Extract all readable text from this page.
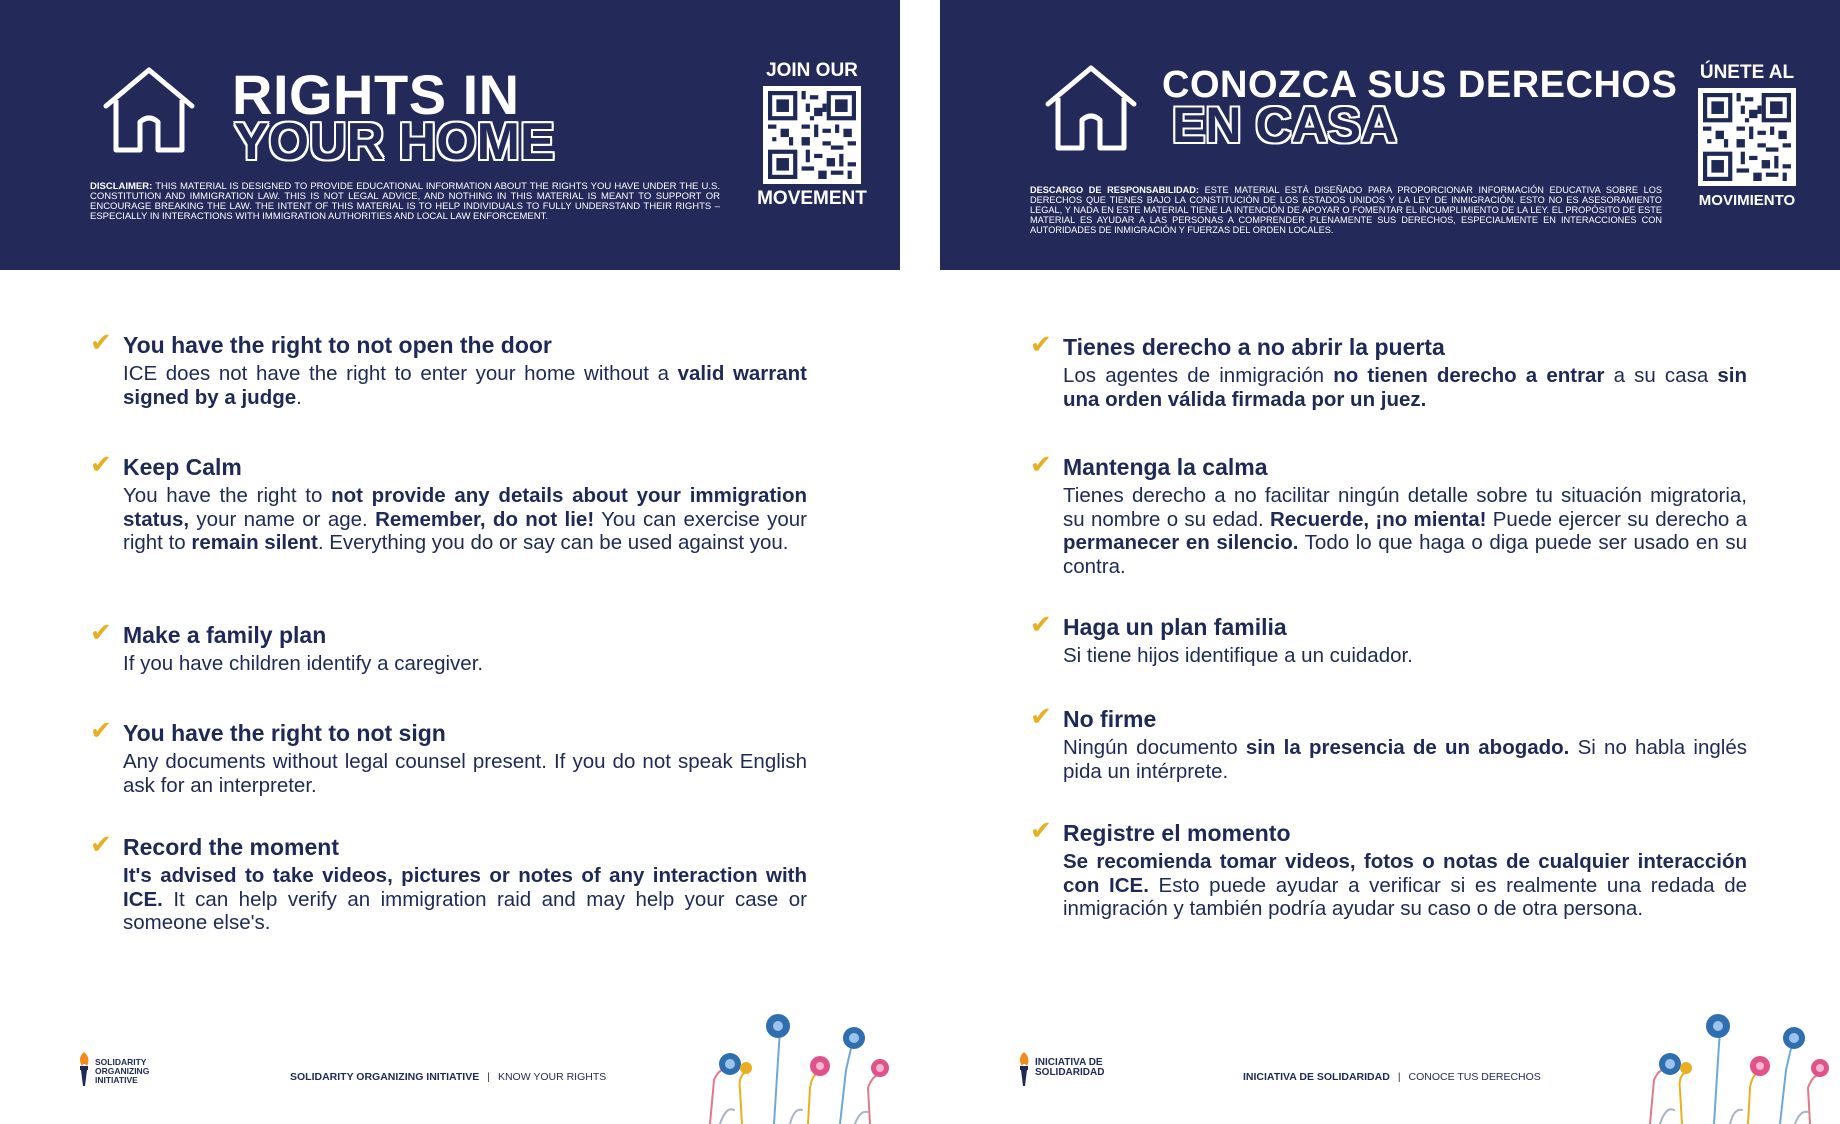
RIGHTS IN
YOUR HOME
JOIN OUR
MOVEMENT
DISCLAIMER: THIS MATERIAL IS DESIGNED TO PROVIDE EDUCATIONAL INFORMATION ABOUT THE RIGHTS YOU HAVE UNDER THE U.S. CONSTITUTION AND IMMIGRATION LAW. THIS IS NOT LEGAL ADVICE, AND NOTHING IN THIS MATERIAL IS MEANT TO SUPPORT OR ENCOURAGE BREAKING THE LAW. THE INTENT OF THIS MATERIAL IS TO HELP INDIVIDUALS TO FULLY UNDERSTAND THEIR RIGHTS – ESPECIALLY IN INTERACTIONS WITH IMMIGRATION AUTHORITIES AND LOCAL LAW ENFORCEMENT.
✔ You have the right to not open the door
ICE does not have the right to enter your home without a valid warrant signed by a judge.
✔ Keep Calm
You have the right to not provide any details about your immigration status, your name or age. Remember, do not lie! You can exercise your right to remain silent. Everything you do or say can be used against you.
✔ Make a family plan
If you have children identify a caregiver.
✔ You have the right to not sign
Any documents without legal counsel present. If you do not speak English ask for an interpreter.
✔ Record the moment
It's advised to take videos, pictures or notes of any interaction with ICE. It can help verify an immigration raid and may help your case or someone else's.
SOLIDARITY ORGANIZING INITIATIVE	SOLIDARITY ORGANIZING INITIATIVE | KNOW YOUR RIGHTS
CONOZCA SUS DERECHOS
EN CASA
ÚNETE AL
MOVIMIENTO
DESCARGO DE RESPONSABILIDAD: ESTE MATERIAL ESTÁ DISEÑADO PARA PROPORCIONAR INFORMACIÓN EDUCATIVA SOBRE LOS DERECHOS QUE TIENES BAJO LA CONSTITUCIÓN DE LOS ESTADOS UNIDOS Y LA LEY DE INMIGRACIÓN. ESTO NO ES ASESORAMIENTO LEGAL, Y NADA EN ESTE MATERIAL TIENE LA INTENCIÓN DE APOYAR O FOMENTAR EL INCUMPLIMIENTO DE LA LEY. EL PROPÓSITO DE ESTE MATERIAL ES AYUDAR A LAS PERSONAS A COMPRENDER PLENAMENTE SUS DERECHOS, ESPECIALMENTE EN INTERACCIONES CON AUTORIDADES DE INMIGRACIÓN Y FUERZAS DEL ORDEN LOCALES.
✔ Tienes derecho a no abrir la puerta
Los agentes de inmigración no tienen derecho a entrar a su casa sin una orden válida firmada por un juez.
✔ Mantenga la calma
Tienes derecho a no facilitar ningún detalle sobre tu situación migratoria, su nombre o su edad. Recuerde, ¡no mienta! Puede ejercer su derecho a permanecer en silencio. Todo lo que haga o diga puede ser usado en su contra.
✔ Haga un plan familia
Si tiene hijos identifique a un cuidador.
✔ No firme
Ningún documento sin la presencia de un abogado. Si no habla inglés pida un intérprete.
✔ Registre el momento
Se recomienda tomar videos, fotos o notas de cualquier interacción con ICE. Esto puede ayudar a verificar si es realmente una redada de inmigración y también podría ayudar su caso o de otra persona.
INICIATIVA DE SOLIDARIDAD	INICIATIVA DE SOLIDARIDAD | CONOCE TUS DERECHOS
